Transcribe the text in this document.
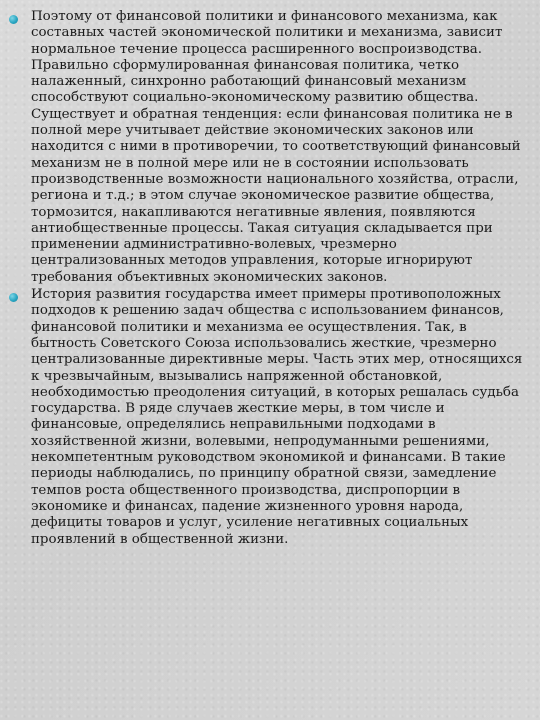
Поэтому от финансовой политики и финансового механизма, как составных частей экономической политики и механизма, зависит нормальное течение процесса расширенного воспроизводства. Правильно сформулированная финансовая политика, четко налаженный, синхронно работающий финансовый механизм способствуют социально-экономическому развитию общества. Существует и обратная тенденция: если финансовая политика не в полной мере учитывает действие экономических законов или находится с ними в противоречии, то соответствующий финансовый механизм не в полной мере или не в состоянии использовать производственные возможности национального хозяйства, отрасли, региона и т.д.; в этом случае экономическое развитие общества, тормозится, накапливаются негативные явления, появляются антиобщественные процессы. Такая ситуация складывается при применении административно-волевых, чрезмерно централизованных методов управления, которые игнорируют требования объективных экономических законов.

История развития государства имеет примеры противоположных подходов к решению задач общества с использованием финансов, финансовой политики и механизма ее осуществления. Так, в бытность Советского Союза использовались жесткие, чрезмерно централизованные директивные меры. Часть этих мер, относящихся к чрезвычайным, вызывались напряженной обстановкой, необходимостью преодоления ситуаций, в которых решалась судьба государства. В ряде случаев жесткие меры, в том числе и финансовые, определялись неправильными подходами в хозяйственной жизни, волевыми, непродуманными решениями, некомпетентным руководством экономикой и финансами. В такие периоды наблюдались, по принципу обратной связи, замедление темпов роста общественного производства, диспропорции в экономике и финансах, падение жизненного уровня народа, дефициты товаров и услуг, усиление негативных социальных проявлений в общественной жизни.
